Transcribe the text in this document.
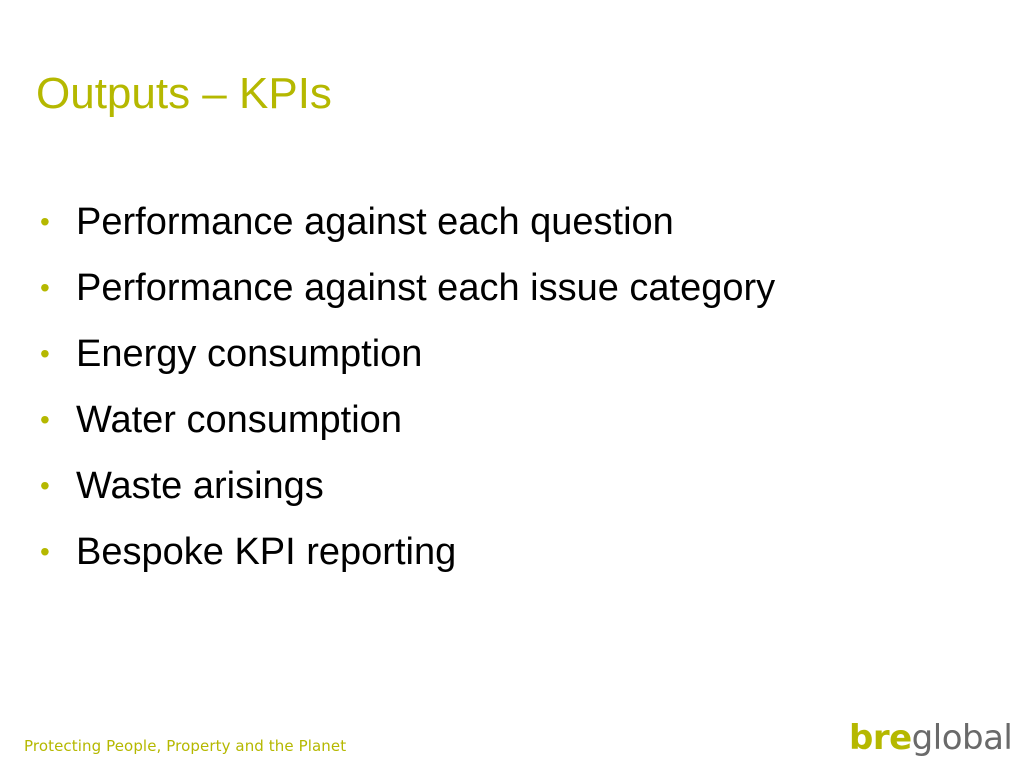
Outputs – KPIs
• Performance against each question
• Performance against each issue category
• Energy consumption
• Water consumption
• Waste arisings
• Bespoke KPI reporting
Protecting People, Property and the Planet	breglobal
